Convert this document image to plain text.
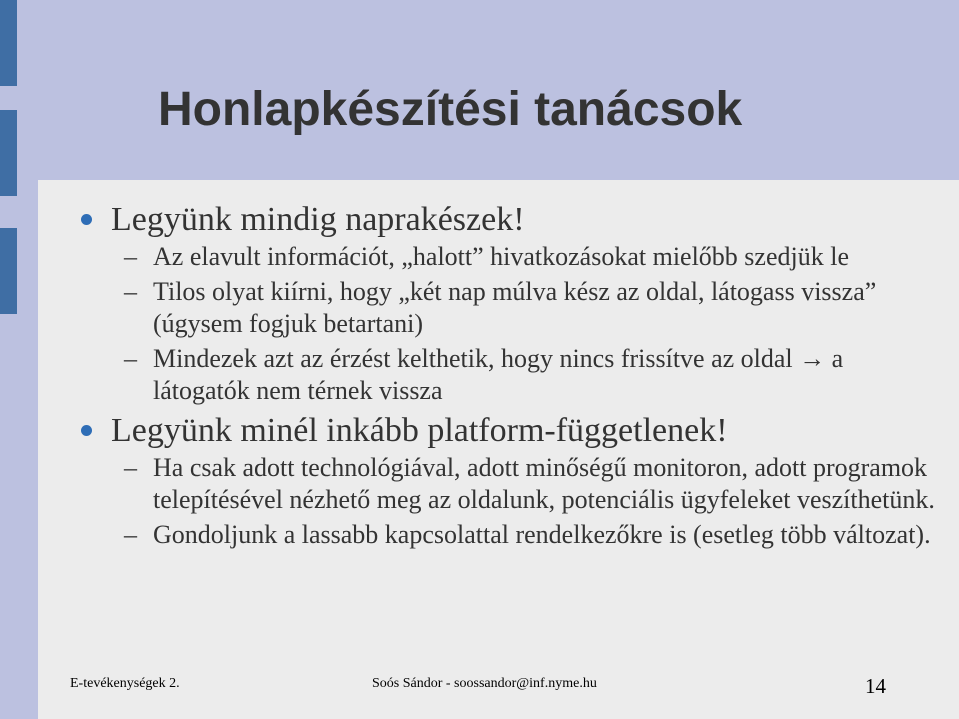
Honlapkészítési tanácsok
Legyünk mindig naprakészek!
– Az elavult információt, „halott” hivatkozásokat mielőbb szedjük le
– Tilos olyat kiírni, hogy „két nap múlva kész az oldal, látogass vissza” (úgysem fogjuk betartani)
– Mindezek azt az érzést kelthetik, hogy nincs frissítve az oldal → a látogatók nem térnek vissza
Legyünk minél inkább platform-függetlenek!
– Ha csak adott technológiával, adott minőségű monitoron, adott programok telepítésével nézhető meg az oldalunk, potenciális ügyfeleket veszíthetünk.
– Gondoljunk a lassabb kapcsolattal rendelkezőkre is (esetleg több változat).
E-tevékenységek 2.	Soós Sándor - soossandor@inf.nyme.hu	14
